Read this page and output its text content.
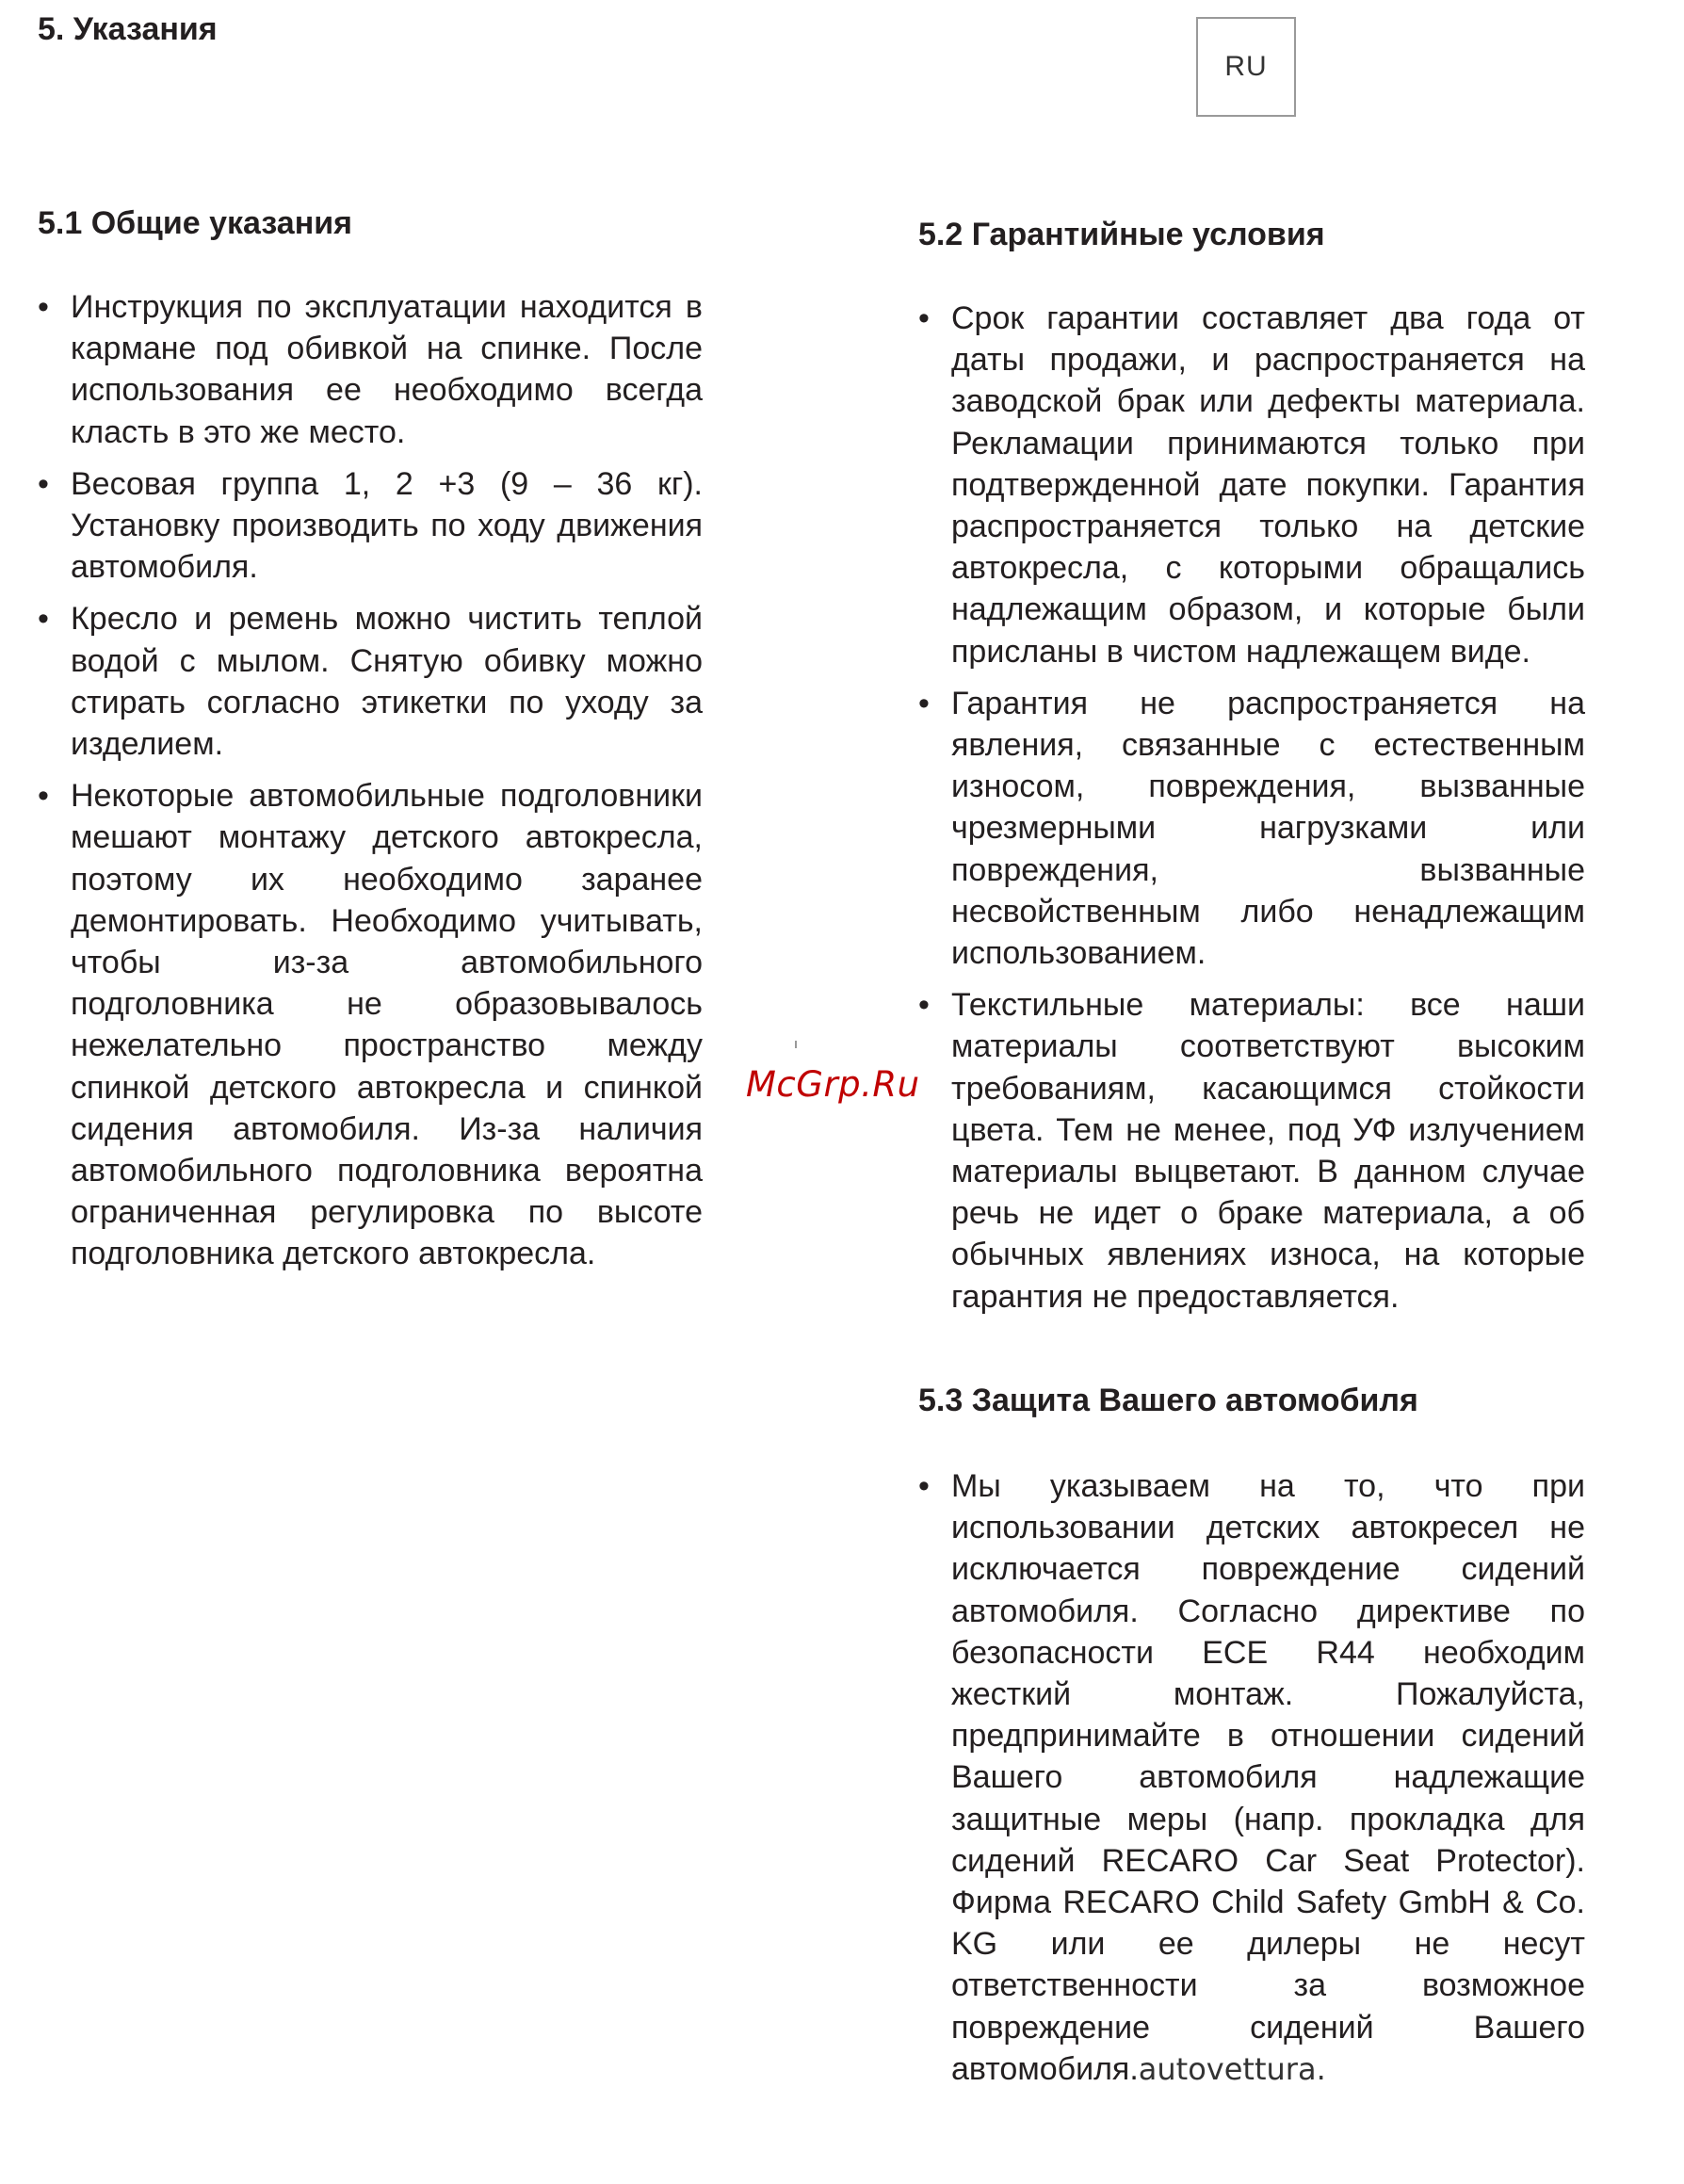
5. Указания
RU
5.1 Общие указания
• Инструкция по эксплуатации находится в кармане под обивкой на спинке. После использования ее необходимо всегда класть в это же место.
• Весовая группа 1, 2 +3 (9 – 36 кг). Установку производить по ходу движения автомобиля.
• Кресло и ремень можно чистить теплой водой с мылом. Снятую обивку можно стирать согласно этикетки по уходу за изделием.
• Некоторые автомобильные подголовники мешают монтажу детского автокресла, поэтому их необходимо заранее демонтировать. Необходимо учитывать, чтобы из-за автомобильного подголовника не образовывалось нежелательно пространство между спинкой детского автокресла и спинкой сидения автомобиля. Из-за наличия автомобильного подголовника вероятна ограниченная регулировка по высоте подголовника детского автокресла.
5.2 Гарантийные условия
• Срок гарантии составляет два года от даты продажи, и распространяется на заводской брак или дефекты материала. Рекламации принимаются только при подтвержденной дате покупки. Гарантия распространяется только на детские автокресла, с которыми обращались надлежащим образом, и которые были присланы в чистом надлежащем виде.
• Гарантия не распространяется на явления, связанные с естественным износом, повреждения, вызванные чрезмерными нагрузками или повреждения, вызванные несвойственным либо ненадлежащим использованием.
• Текстильные материалы: все наши материалы соответствуют высоким требованиям, касающимся стойкости цвета. Тем не менее, под УФ излучением материалы выцветают. В данном случае речь не идет о браке материала, а об обычных явлениях износа, на которые гарантия не предоставляется.
5.3 Защита Вашего автомобиля
• Мы указываем на то, что при использовании детских автокресел не исключается повреждение сидений автомобиля. Согласно директиве по безопасности ECE R44 необходим жесткий монтаж. Пожалуйста, предпринимайте в отношении сидений Вашего автомобиля надлежащие защитные меры (напр. прокладка для сидений RECARO Car Seat Protector). Фирма RECARO Child Safety GmbH & Co. KG или ее дилеры не несут ответственности за возможное повреждение сидений Вашего автомобиля.autovettura.
McGrp.Ru
